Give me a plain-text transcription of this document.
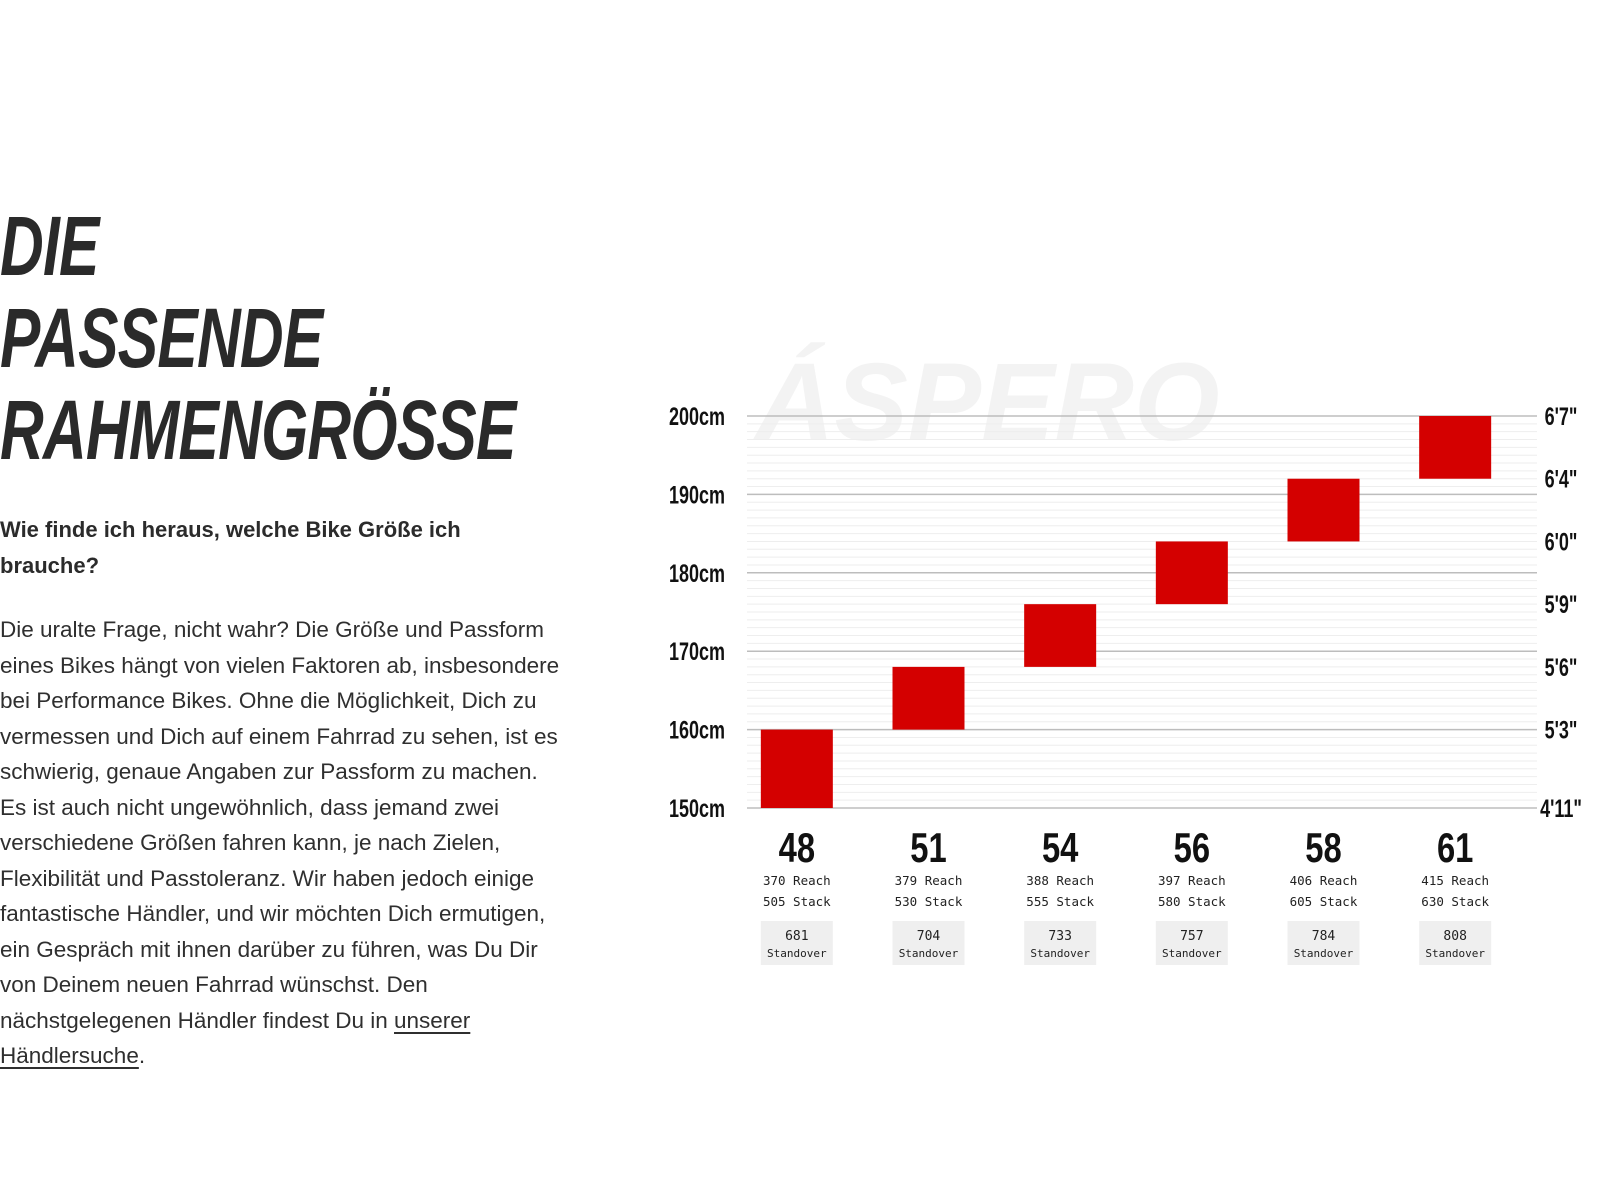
DIE PASSENDE
RAHMENGRÖSSE

Wie finde ich heraus, welche Bike Größe ich brauche?

Die uralte Frage, nicht wahr? Die Größe und Passform eines Bikes hängt von vielen Faktoren ab, insbesondere bei Performance Bikes. Ohne die Möglichkeit, Dich zu vermessen und Dich auf einem Fahrrad zu sehen, ist es schwierig, genaue Angaben zur Passform zu machen. Es ist auch nicht ungewöhnlich, dass jemand zwei verschiedene Größen fahren kann, je nach Zielen, Flexibilität und Passtoleranz. Wir haben jedoch einige fantastische Händler, und wir möchten Dich ermutigen, ein Gespräch mit ihnen darüber zu führen, was Du Dir von Deinem neuen Fahrrad wünschst. Den nächstgelegenen Händler findest Du in unserer Händlersuche.

ÁSPERO
150cm
160cm
170cm
180cm
190cm
200cm
4'11"
5'3"
5'6"
5'9"
6'0"
6'4"
6'7"
48
370 Reach
505 Stack
681
Standover
51
379 Reach
530 Stack
704
Standover
54
388 Reach
555 Stack
733
Standover
56
397 Reach
580 Stack
757
Standover
58
406 Reach
605 Stack
784
Standover
61
415 Reach
630 Stack
808
Standover
